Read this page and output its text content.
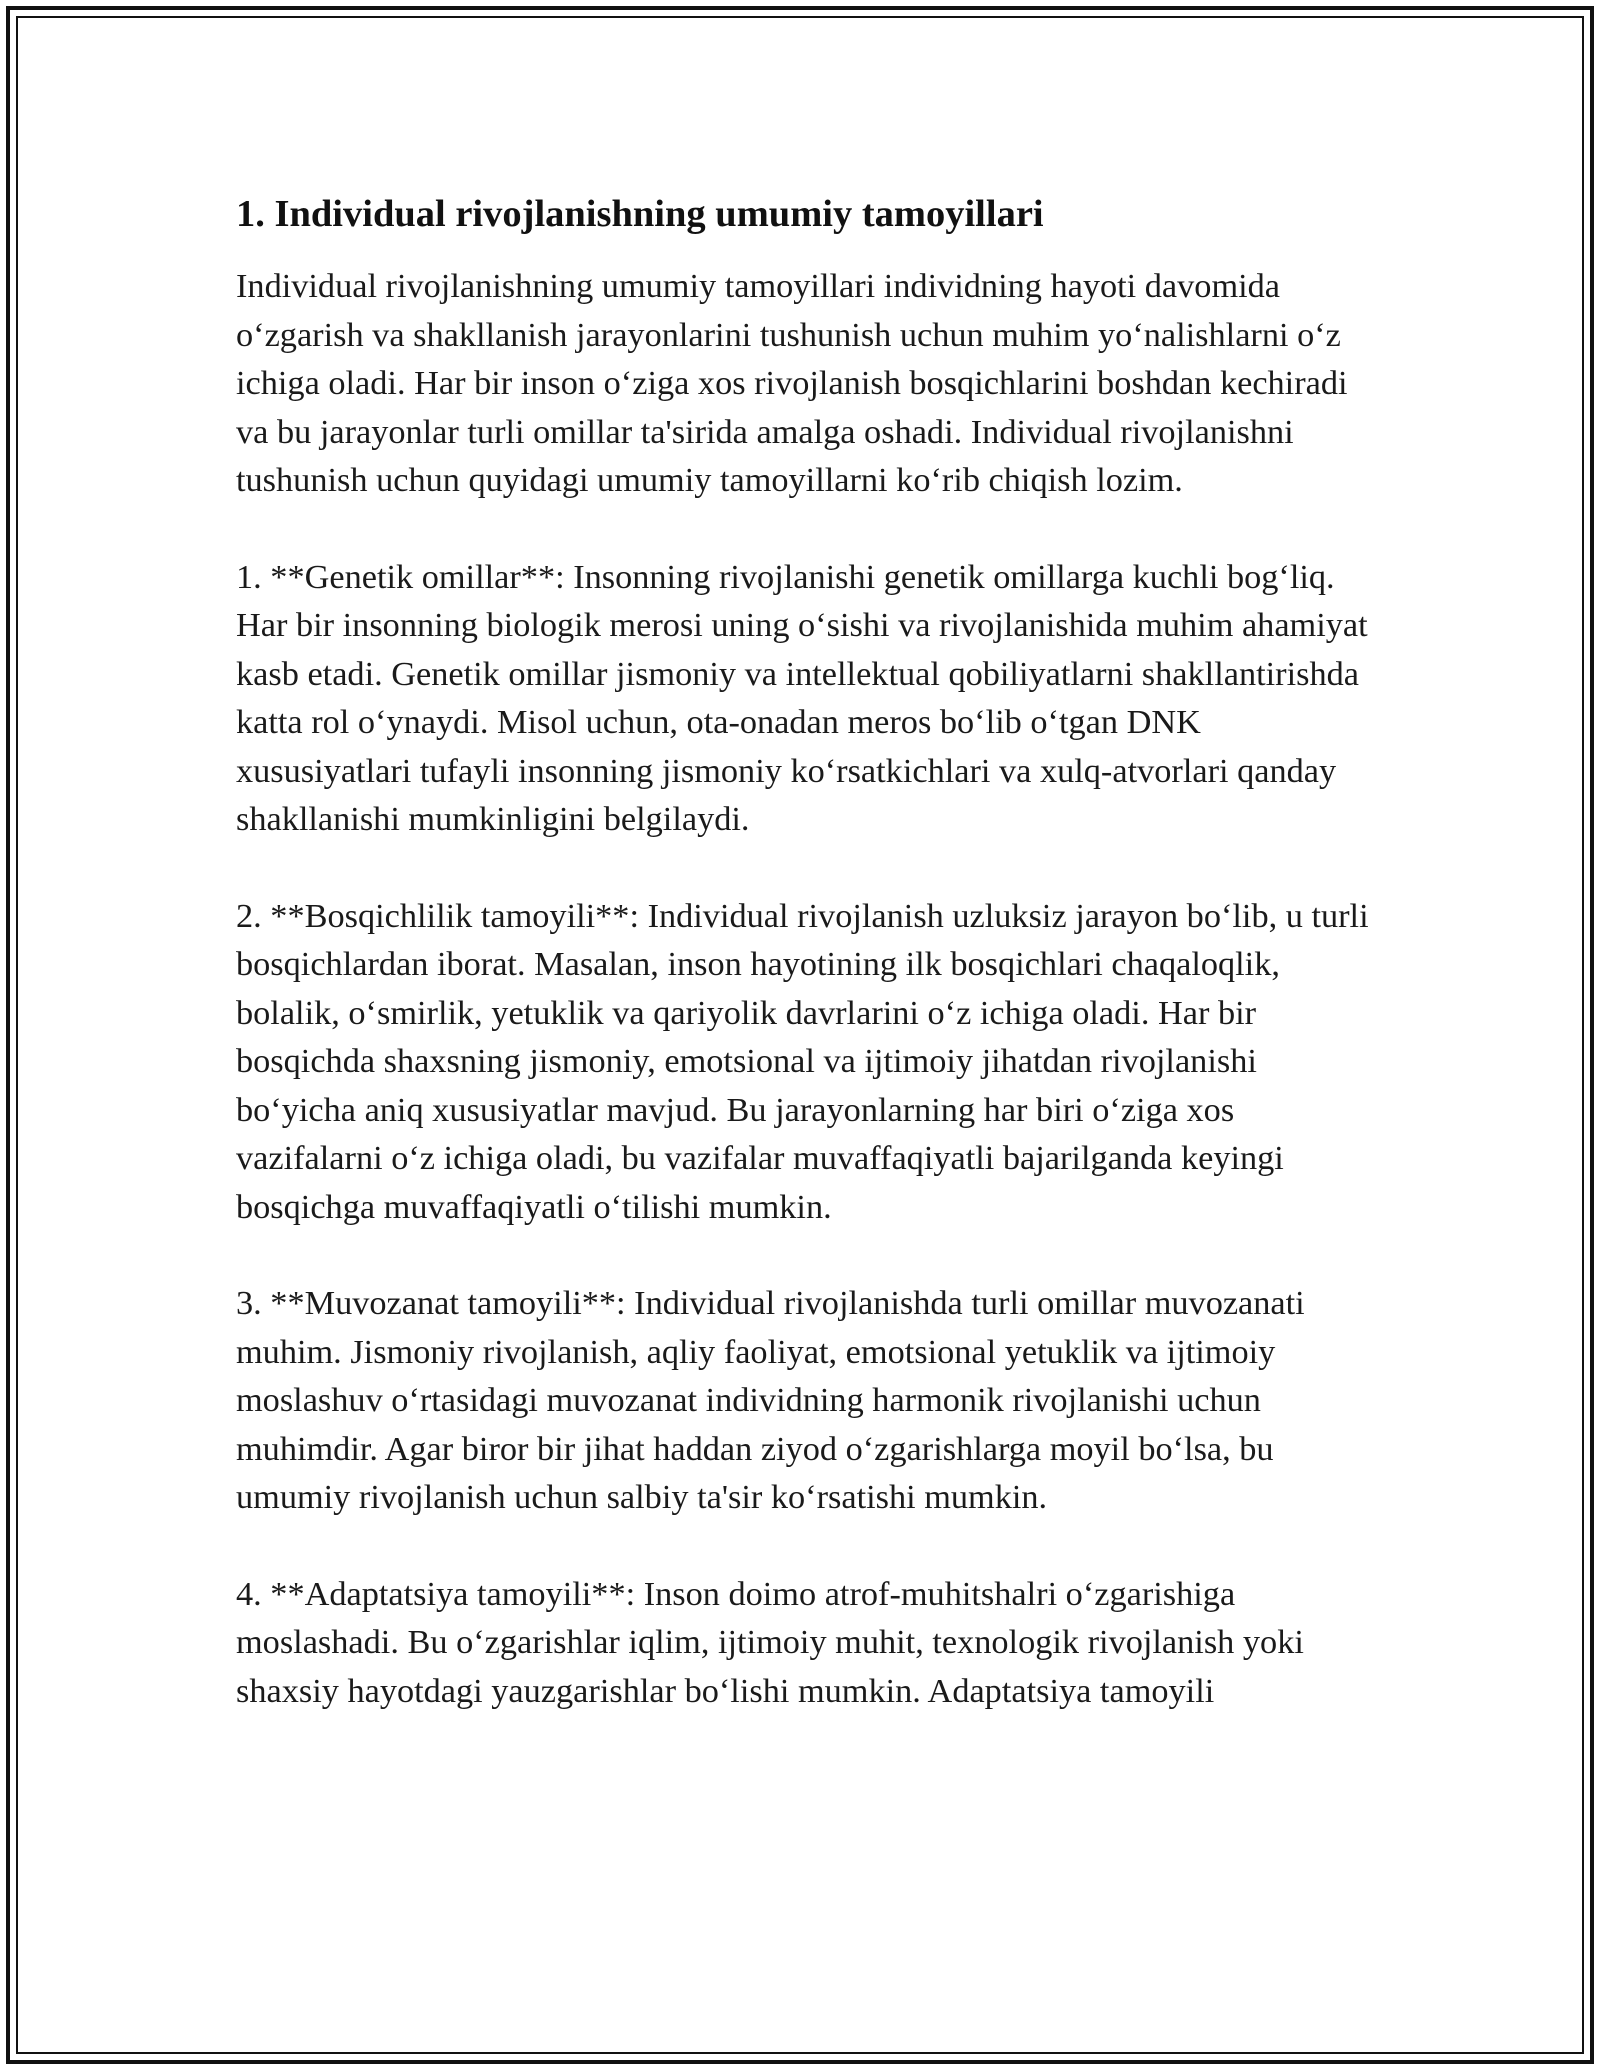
1. Individual rivojlanishning umumiy tamoyillari

Individual rivojlanishning umumiy tamoyillari individning hayoti davomida o‘zgarish va shakllanish jarayonlarini tushunish uchun muhim yo‘nalishlarni o‘z ichiga oladi. Har bir inson o‘ziga xos rivojlanish bosqichlarini boshdan kechiradi va bu jarayonlar turli omillar ta'sirida amalga oshadi. Individual rivojlanishni tushunish uchun quyidagi umumiy tamoyillarni ko‘rib chiqish lozim.

1. **Genetik omillar**: Insonning rivojlanishi genetik omillarga kuchli bog‘liq. Har bir insonning biologik merosi uning o‘sishi va rivojlanishida muhim ahamiyat kasb etadi. Genetik omillar jismoniy va intellektual qobiliyatlarni shakllantirishda katta rol o‘ynaydi. Misol uchun, ota-onadan meros bo‘lib o‘tgan DNK xususiyatlari tufayli insonning jismoniy ko‘rsatkichlari va xulq-atvorlari qanday shakllanishi mumkinligini belgilaydi.

2. **Bosqichlilik tamoyili**: Individual rivojlanish uzluksiz jarayon bo‘lib, u turli bosqichlardan iborat. Masalan, inson hayotining ilk bosqichlari chaqaloqlik, bolalik, o‘smirlik, yetuklik va qariyolik davrlarini o‘z ichiga oladi. Har bir bosqichda shaxsning jismoniy, emotsional va ijtimoiy jihatdan rivojlanishi bo‘yicha aniq xususiyatlar mavjud. Bu jarayonlarning har biri o‘ziga xos vazifalarni o‘z ichiga oladi, bu vazifalar muvaffaqiyatli bajarilganda keyingi bosqichga muvaffaqiyatli o‘tilishi mumkin.

3. **Muvozanat tamoyili**: Individual rivojlanishda turli omillar muvozanati muhim. Jismoniy rivojlanish, aqliy faoliyat, emotsional yetuklik va ijtimoiy moslashuv o‘rtasidagi muvozanat individning harmonik rivojlanishi uchun muhimdir. Agar biror bir jihat haddan ziyod o‘zgarishlarga moyil bo‘lsa, bu umumiy rivojlanish uchun salbiy ta'sir ko‘rsatishi mumkin.

4. **Adaptatsiya tamoyili**: Inson doimo atrof-muhitshalri o‘zgarishiga moslashadi. Bu o‘zgarishlar iqlim, ijtimoiy muhit, texnologik rivojlanish yoki shaxsiy hayotdagi yauzgarishlar bo‘lishi mumkin. Adaptatsiya tamoyili
